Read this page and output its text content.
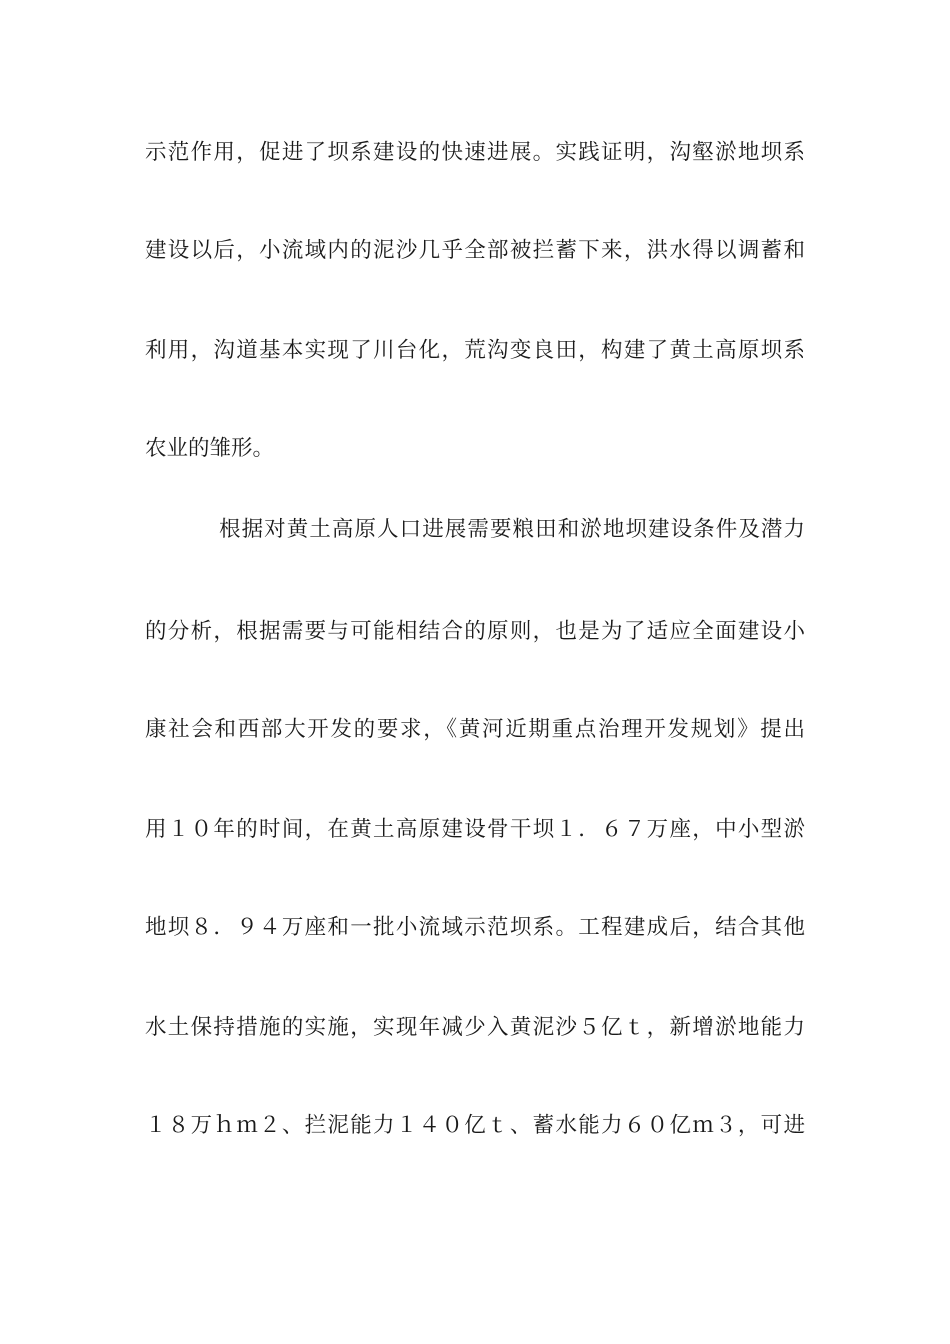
示范作用，促进了坝系建设的快速进展。实践证明，沟壑淤地坝系
建设以后，小流域内的泥沙几乎全部被拦蓄下来，洪水得以调蓄和
利用，沟道基本实现了川台化，荒沟变良田，构建了黄土高原坝系
农业的雏形。
根据对黄土高原人口进展需要粮田和淤地坝建设条件及潜力
的分析，根据需要与可能相结合的原则，也是为了适应全面建设小
康社会和西部大开发的要求，《黄河近期重点治理开发规划》提出
用１０年的时间，在黄土高原建设骨干坝１．６７万座，中小型淤
地坝８．９４万座和一批小流域示范坝系。工程建成后，结合其他
水土保持措施的实施，实现年减少入黄泥沙５亿ｔ，新增淤地能力
１８万ｈｍ２、拦泥能力１４０亿ｔ、蓄水能力６０亿ｍ３，可进
